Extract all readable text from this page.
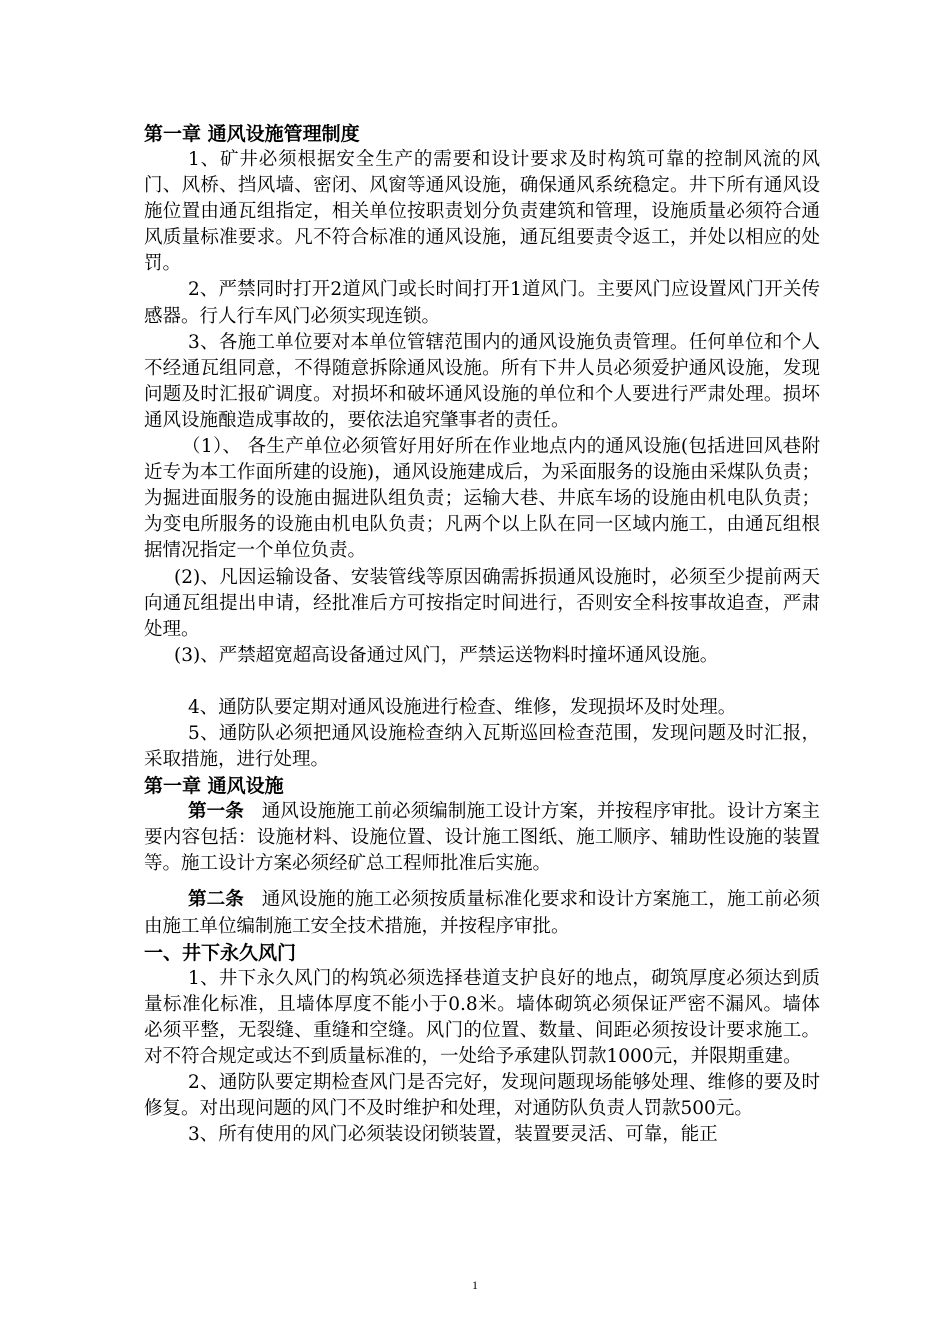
第一章 通风设施管理制度

1、矿井必须根据安全生产的需要和设计要求及时构筑可靠的控制风流的风门、风桥、挡风墙、密闭、风窗等通风设施，确保通风系统稳定。井下所有通风设施位置由通瓦组指定，相关单位按职责划分负责建筑和管理，设施质量必须符合通风质量标准要求。凡不符合标准的通风设施，通瓦组要责令返工，并处以相应的处罚。

2、严禁同时打开2道风门或长时间打开1道风门。主要风门应设置风门开关传感器。行人行车风门必须实现连锁。

3、各施工单位要对本单位管辖范围内的通风设施负责管理。任何单位和个人不经通瓦组同意，不得随意拆除通风设施。所有下井人员必须爱护通风设施，发现问题及时汇报矿调度。对损坏和破坏通风设施的单位和个人要进行严肃处理。损坏通风设施酿造成事故的，要依法追究肇事者的责任。

（1）、 各生产单位必须管好用好所在作业地点内的通风设施(包括进回风巷附近专为本工作面所建的设施)，通风设施建成后，为采面服务的设施由采煤队负责；为掘进面服务的设施由掘进队组负责；运输大巷、井底车场的设施由机电队负责；为变电所服务的设施由机电队负责；凡两个以上队在同一区域内施工，由通瓦组根据情况指定一个单位负责。

(2)、凡因运输设备、安装管线等原因确需拆损通风设施时，必须至少提前两天向通瓦组提出申请，经批准后方可按指定时间进行，否则安全科按事故追查，严肃处理。

(3)、严禁超宽超高设备通过风门，严禁运送物料时撞坏通风设施。

4、通防队要定期对通风设施进行检查、维修，发现损坏及时处理。

5、通防队必须把通风设施检查纳入瓦斯巡回检查范围，发现问题及时汇报，采取措施，进行处理。

第一章 通风设施

第一条 通风设施施工前必须编制施工设计方案，并按程序审批。设计方案主要内容包括：设施材料、设施位置、设计施工图纸、施工顺序、辅助性设施的装置等。施工设计方案必须经矿总工程师批准后实施。

第二条 通风设施的施工必须按质量标准化要求和设计方案施工，施工前必须由施工单位编制施工安全技术措施，并按程序审批。

一、井下永久风门

1、井下永久风门的构筑必须选择巷道支护良好的地点，砌筑厚度必须达到质量标准化标准，且墙体厚度不能小于0.8米。墙体砌筑必须保证严密不漏风。墙体必须平整，无裂缝、重缝和空缝。风门的位置、数量、间距必须按设计要求施工。对不符合规定或达不到质量标准的，一处给予承建队罚款1000元，并限期重建。

2、通防队要定期检查风门是否完好，发现问题现场能够处理、维修的要及时修复。对出现问题的风门不及时维护和处理，对通防队负责人罚款500元。

3、所有使用的风门必须装设闭锁装置，装置要灵活、可靠，能正

1
